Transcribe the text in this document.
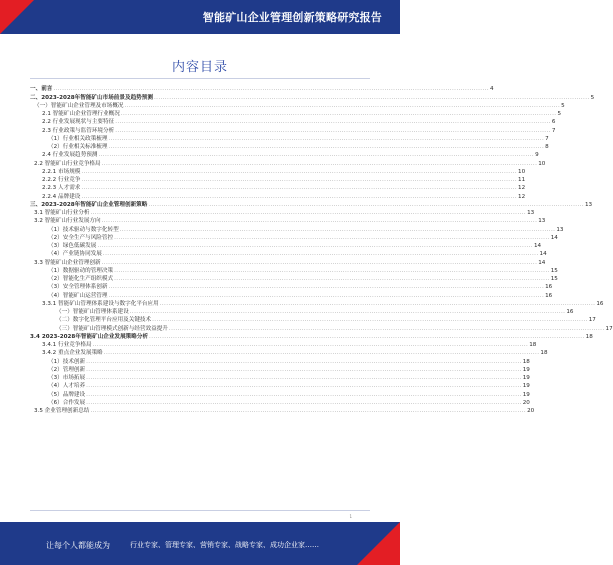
智能矿山企业管理创新策略研究报告
内容目录
一、前言 ........................................................................................................................................................................................................ 4
二、2023-2028年智能矿山市场前景及趋势预测 ........................................................................................................................................................................................................ 5
（一）智能矿山企业管理及市场概况 ........................................................................................................................................................................................................ 5
2.1 智能矿山企业管理行业概况 ........................................................................................................................................................................................................ 5
2.2 行业发展现状与主要特征 ........................................................................................................................................................................................................ 6
2.3 行业政策与监管环境分析 ........................................................................................................................................................................................................ 7
（1）行业相关政策梳理 ........................................................................................................................................................................................................ 7
（2）行业相关标准梳理 ........................................................................................................................................................................................................ 8
2.4 行业发展趋势预测 ........................................................................................................................................................................................................ 9
2.2 智能矿山行业竞争格局 ........................................................................................................................................................................................................ 10
2.2.1 市场规模 ........................................................................................................................................................................................................ 10
2.2.2 行业竞争 ........................................................................................................................................................................................................ 11
2.2.3 人才需求 ........................................................................................................................................................................................................ 12
2.2.4 品牌建设 ........................................................................................................................................................................................................ 12
三、2023-2028年智能矿山企业管理创新策略 ........................................................................................................................................................................................................ 13
3.1 智能矿山行业分析 ........................................................................................................................................................................................................ 13
3.2 智能矿山行业发展方向 ........................................................................................................................................................................................................ 13
（1）技术驱动与数字化转型 ........................................................................................................................................................................................................ 13
（2）安全生产与风险管控 ........................................................................................................................................................................................................ 14
（3）绿色低碳发展 ........................................................................................................................................................................................................ 14
（4）产业链协同发展 ........................................................................................................................................................................................................ 14
3.3 智能矿山企业管理创新 ........................................................................................................................................................................................................ 14
（1）数据驱动的管理决策 ........................................................................................................................................................................................................ 15
（2）智能化生产组织模式 ........................................................................................................................................................................................................ 15
（3）安全管理体系创新 ........................................................................................................................................................................................................ 16
（4）智能矿山运营管理 ........................................................................................................................................................................................................ 16
3.3.1 智能矿山管理体系建设与数字化平台应用 ........................................................................................................................................................................................................ 16
（一）智能矿山管理体系建设 ........................................................................................................................................................................................................ 16
（二）数字化管理平台应用及关键技术 ........................................................................................................................................................................................................ 17
（三）智能矿山管理模式创新与经营效益提升 ........................................................................................................................................................................................................ 17
3.4 2023-2028年智能矿山企业发展策略分析 ........................................................................................................................................................................................................ 18
3.4.1 行业竞争格局 ........................................................................................................................................................................................................ 18
3.4.2 重点企业发展策略 ........................................................................................................................................................................................................ 18
（1）技术创新 ........................................................................................................................................................................................................ 18
（2）管理创新 ........................................................................................................................................................................................................ 19
（3）市场拓展 ........................................................................................................................................................................................................ 19
（4）人才培养 ........................................................................................................................................................................................................ 19
（5）品牌建设 ........................................................................................................................................................................................................ 19
（6）合作发展 ........................................................................................................................................................................................................ 20
3.5 企业管理创新总结 ........................................................................................................................................................................................................ 20
1
让每个人都能成为	行业专家、管理专家、营销专家、战略专家、成功企业家……
